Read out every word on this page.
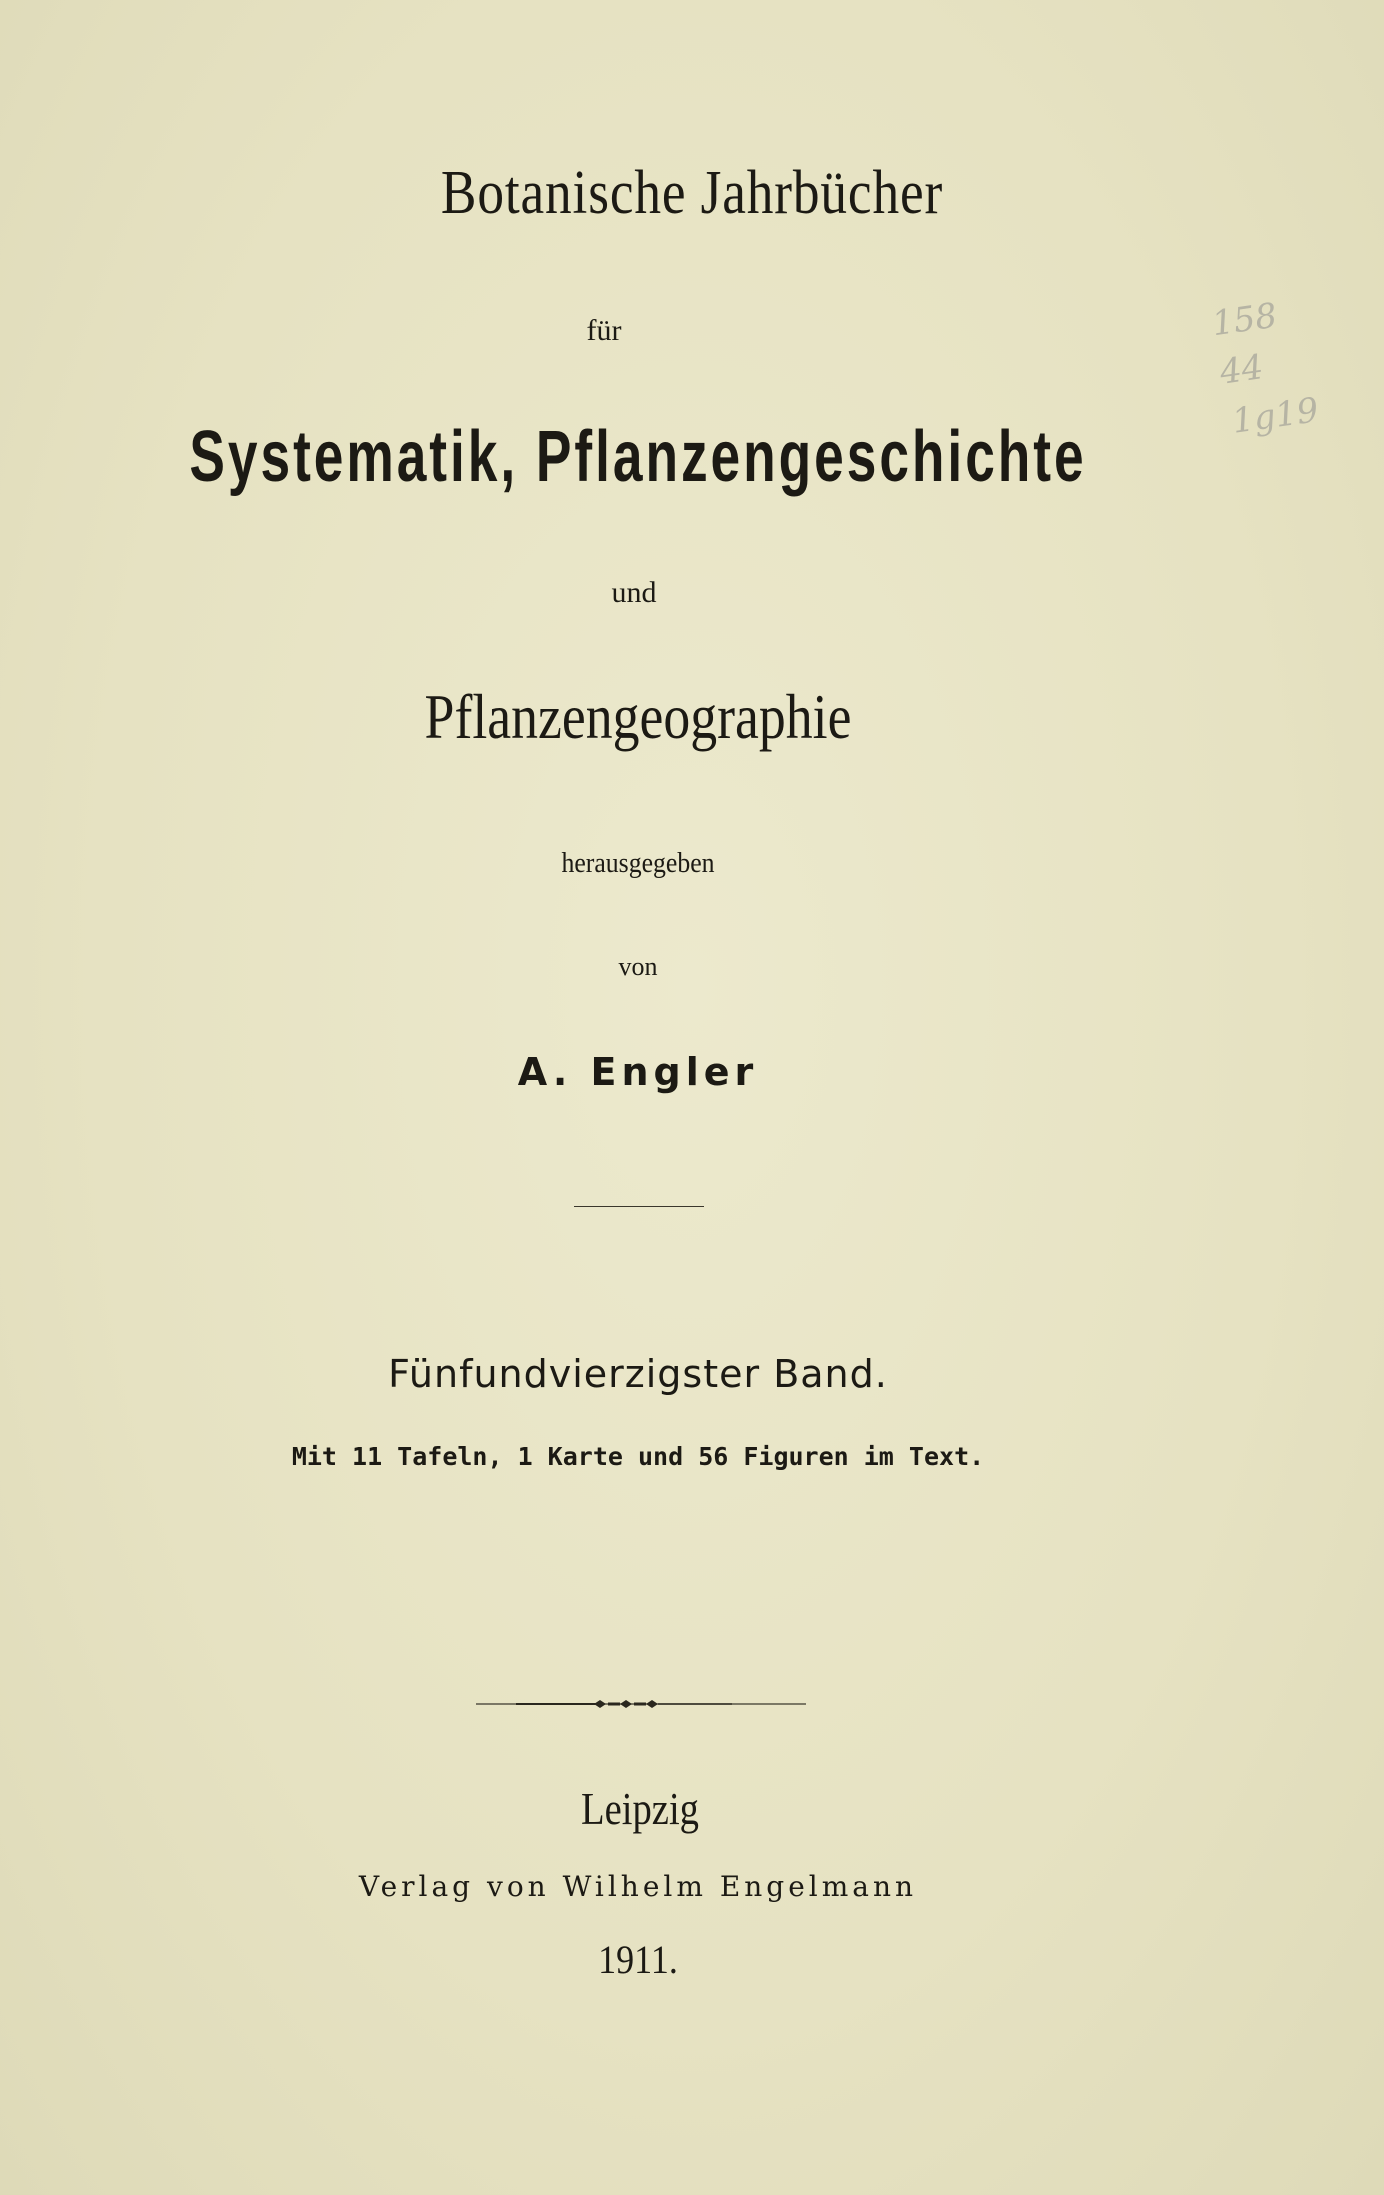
158
44
1g19
Botanische Jahrbücher
für
Systematik, Pflanzengeschichte
und
Pflanzengeographie
herausgegeben
von
A. Engler
Fünfundvierzigster Band.
Mit 11 Tafeln, 1 Karte und 56 Figuren im Text.
Leipzig
Verlag von Wilhelm Engelmann
1911.
